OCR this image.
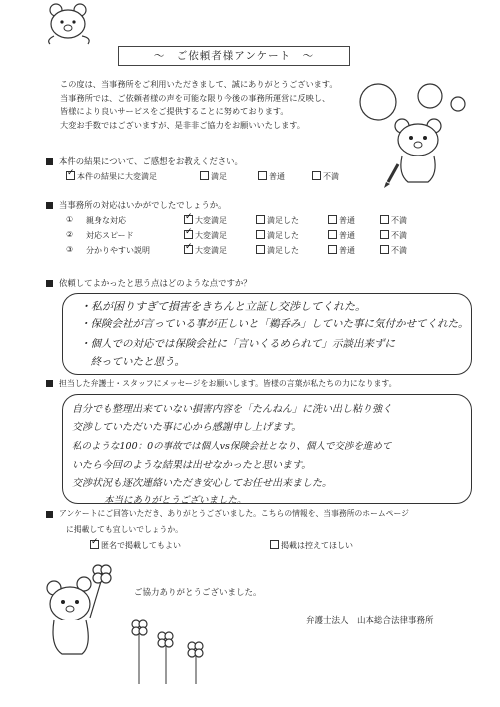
～　ご依頼者様アンケート　～
この度は、当事務所をご利用いただきまして、誠にありがとうございます。
当事務所では、ご依頼者様の声を可能な限り今後の事務所運営に反映し、
皆様により良いサービスをご提供することに努めております。
大変お手数ではございますが、是非非ご協力をお願いいたします。
本件の結果について、ご感想をお教えください。
✓本件の結果に大変満足	満足	普通	不満
当事務所の対応はいかがでしたでしょうか。
① 親身な対応 ✓	大変満足	満足した	普通	不満
② 対応スピード ✓	大変満足	満足した	普通	不満
③ 分かりやすい説明 ✓	大変満足	満足した	普通	不満
依頼してよかったと思う点はどのような点ですか？
・私が困りすぎて損害をきちんと立証し交渉してくれた。
・保険会社が言っている事が正しいと「鵜呑み」していた事に気付かせてくれた。
・個人での対応では保険会社に「言いくるめられて」示談出来ずに
　終っていたと思う。
担当した弁護士・スタッフにメッセージをお願いします。皆様の言葉が私たちの力になります。
自分でも整理出来ていない損害内容を「たんねん」に洗い出し粘り強く
交渉していただいた事に心から感謝申し上げます。
私のような100：0の事故では個人vs保険会社となり、個人で交渉を進めて
いたら今回のような結果は出せなかったと思います。
交渉状況も逐次連絡いただき安心してお任せ出来ました。
本当にありがとうございました。
アンケートにご回答いただき、ありがとうございました。こちらの情報を、当事務所のホームページ
に掲載しても宜しいでしょうか。
✓匿名で掲載してもよい	掲載は控えてほしい
ご協力ありがとうございました。
弁護士法人　山本総合法律事務所
